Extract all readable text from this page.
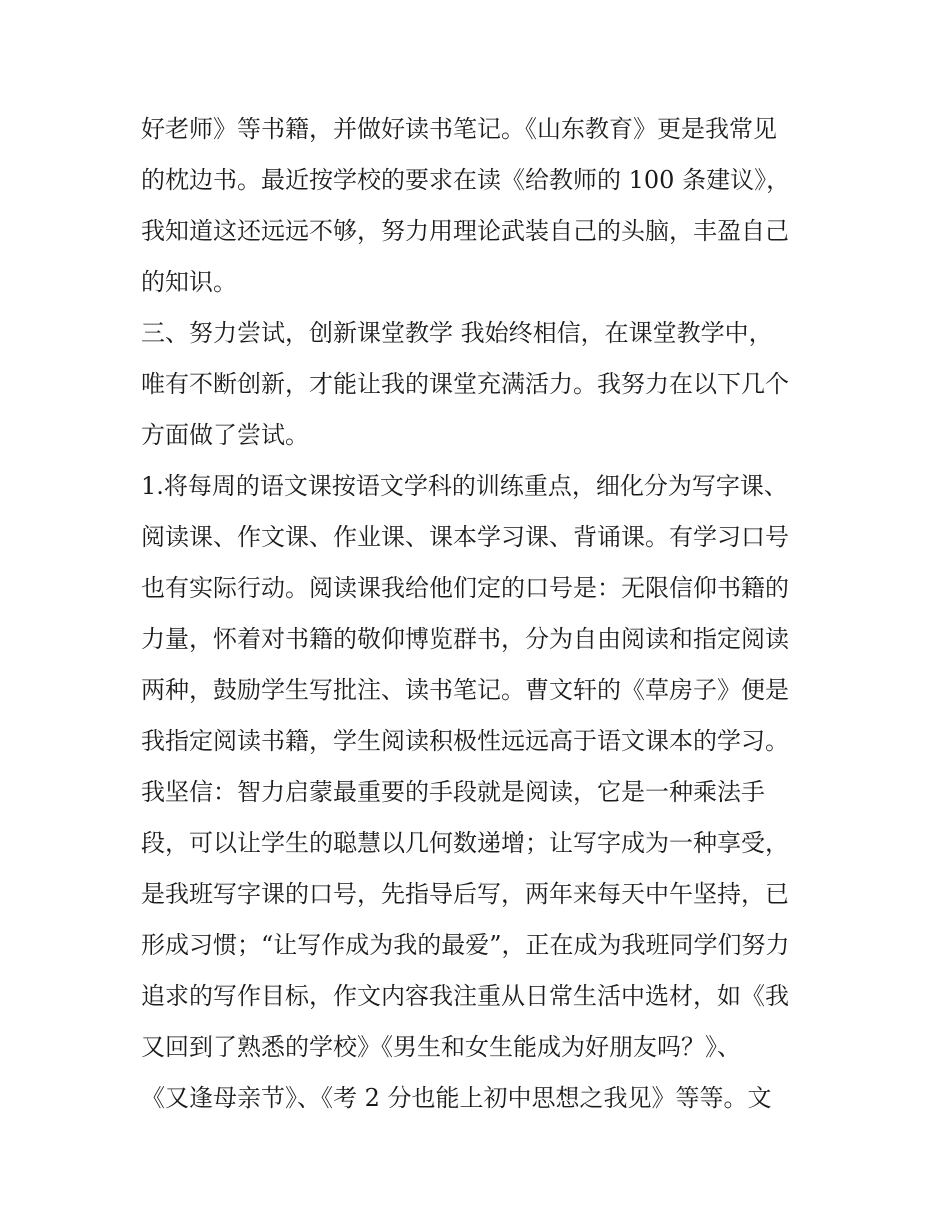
好老师》等书籍，并做好读书笔记。《山东教育》更是我常见
的枕边书。最近按学校的要求在读《给教师的 100 条建议》，
我知道这还远远不够，努力用理论武装自己的头脑，丰盈自己
的知识。
三、努力尝试，创新课堂教学 我始终相信，在课堂教学中，
唯有不断创新，才能让我的课堂充满活力。我努力在以下几个
方面做了尝试。
1.将每周的语文课按语文学科的训练重点，细化分为写字课、
阅读课、作文课、作业课、课本学习课、背诵课。有学习口号
也有实际行动。阅读课我给他们定的口号是：无限信仰书籍的
力量，怀着对书籍的敬仰博览群书，分为自由阅读和指定阅读
两种，鼓励学生写批注、读书笔记。曹文轩的《草房子》便是
我指定阅读书籍，学生阅读积极性远远高于语文课本的学习。
我坚信：智力启蒙最重要的手段就是阅读，它是一种乘法手
段，可以让学生的聪慧以几何数递增；让写字成为一种享受，
是我班写字课的口号，先指导后写，两年来每天中午坚持，已
形成习惯；“让写作成为我的最爱”，正在成为我班同学们努力
追求的写作目标，作文内容我注重从日常生活中选材，如《我
又回到了熟悉的学校》《男生和女生能成为好朋友吗？》、
《又逢母亲节》、《考 2 分也能上初中思想之我见》等等。文
